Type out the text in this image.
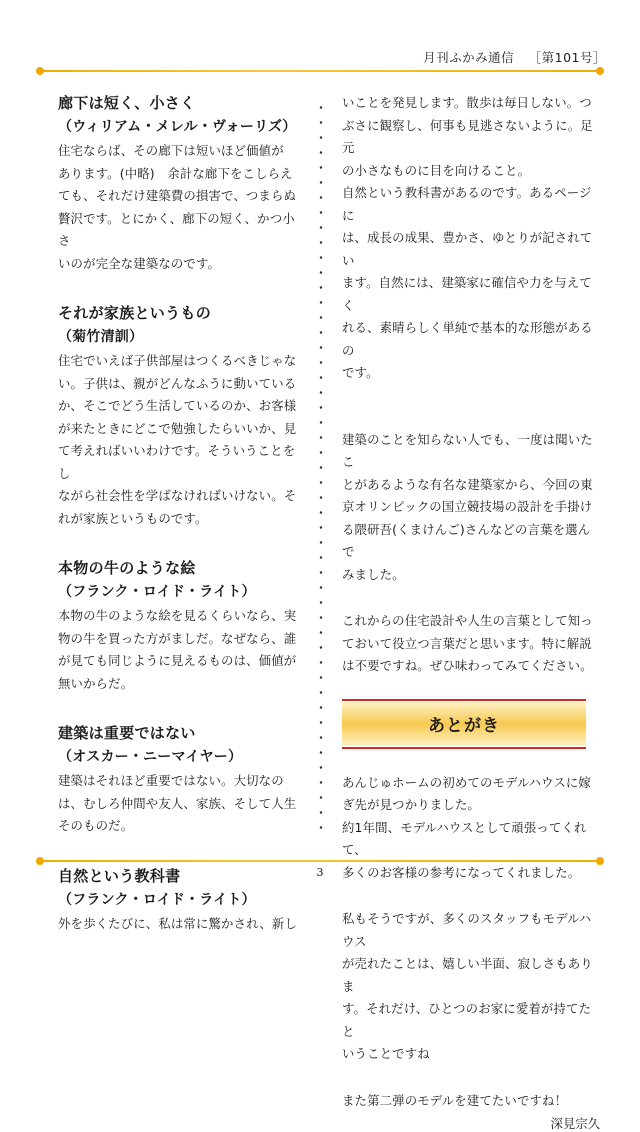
月刊ふかみ通信 ［第101号］
廊下は短く、小さく

（ウィリアム・メレル・ヴォーリズ）

住宅ならば、その廊下は短いほど価値が
あります。(中略)　余計な廊下をこしらえ
ても、それだけ建築費の損害で、つまらぬ
贅沢です。とにかく、廊下の短く、かつ小さ
いのが完全な建築なのです。

それが家族というもの

（菊竹清訓）

住宅でいえば子供部屋はつくるべきじゃな
い。子供は、親がどんなふうに動いている
か、そこでどう生活しているのか、お客様
が来たときにどこで勉強したらいいか、見
て考えればいいわけです。そういうことをし
ながら社会性を学ばなければいけない。そ
れが家族というものです。

本物の牛のような絵

（フランク・ロイド・ライト）

本物の牛のような絵を見るくらいなら、実
物の牛を買った方がましだ。なぜなら、誰
が見ても同じように見えるものは、価値が
無いからだ。

建築は重要ではない

（オスカー・ニーマイヤー）

建築はそれほど重要ではない。大切なの
は、むしろ仲間や友人、家族、そして人生
そのものだ。

自然という教科書

（フランク・ロイド・ライト）

外を歩くたびに、私は常に驚かされ、新し

いことを発見します。散歩は毎日しない。つ
ぶさに観察し、何事も見逃さないように。足元
の小さなものに目を向けること。
自然という教科書があるのです。あるページに
は、成長の成果、豊かさ、ゆとりが記されてい
ます。自然には、建築家に確信や力を与えてく
れる、素晴らしく単純で基本的な形態があるの
です。

建築のことを知らない人でも、一度は聞いたこ
とがあるような有名な建築家から、今回の東
京オリンピックの国立競技場の設計を手掛け
る隈研吾(くまけんご)さんなどの言葉を選んで
みました。

これからの住宅設計や人生の言葉として知っ
ておいて役立つ言葉だと思います。特に解説
は不要ですね。ぜひ味わってみてください。

あとがき

あんじゅホームの初めてのモデルハウスに嫁
ぎ先が見つかりました。
約1年間、モデルハウスとして頑張ってくれて、
多くのお客様の参考になってくれました。

私もそうですが、多くのスタッフもモデルハウス
が売れたことは、嬉しい半面、寂しさもありま
す。それだけ、ひとつのお家に愛着が持てたと
いうことですね

また第二弾のモデルを建てたいですね！

深見宗久
3
